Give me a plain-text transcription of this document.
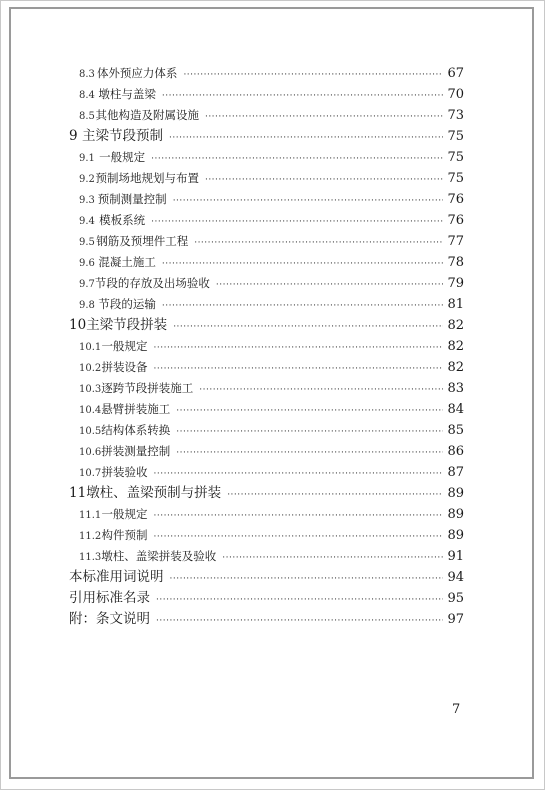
8.3 体外预应力体系 ·····	67
8.4 墩柱与盖梁 ·····	70
8.5 其他构造及附属设施 ·····	73
9 主梁节段预制 ·····	75
9.1 一般规定 ·····	75
9.2 预制场地规划与布置 ·····	75
9.3 预制测量控制 ·····	76
9.4 模板系统 ·····	76
9.5 钢筋及预埋件工程 ·····	77
9.6 混凝土施工 ·····	78
9.7 节段的存放及出场验收 ·····	79
9.8 节段的运输 ·····	81
10 主梁节段拼装 ·····	82
10.1 一般规定 ·····	82
10.2 拼装设备 ·····	82
10.3 逐跨节段拼装施工 ·····	83
10.4 悬臂拼装施工 ·····	84
10.5 结构体系转换 ·····	85
10.6 拼装测量控制 ·····	86
10.7 拼装验收 ·····	87
11 墩柱、盖梁预制与拼装 ·····	89
11.1 一般规定 ·····	89
11.2 构件预制 ·····	89
11.3 墩柱、盖梁拼装及验收 ·····	91
本标准用词说明 ·····	94
引用标准名录 ·····	95
附：条文说明 ·····	97
7
